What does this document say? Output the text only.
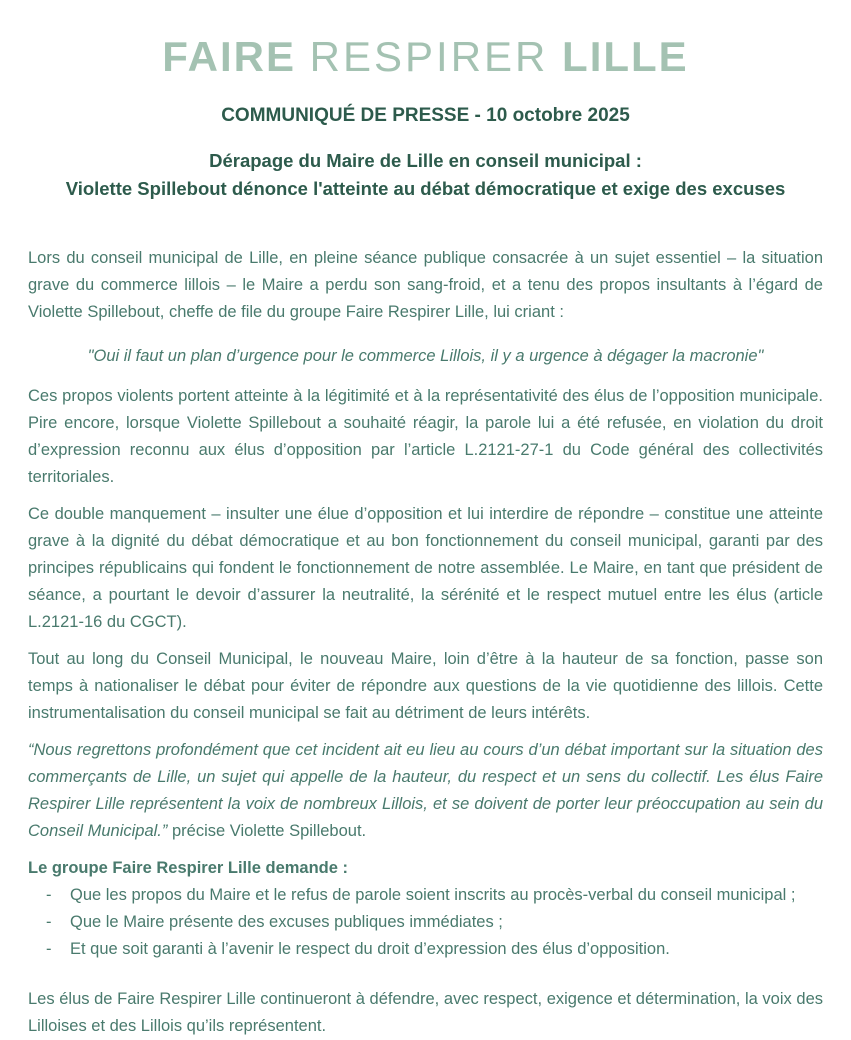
FAIRE RESPIRER LILLE
COMMUNIQUÉ DE PRESSE - 10 octobre 2025
Dérapage du Maire de Lille en conseil municipal :
Violette Spillebout dénonce l'atteinte au débat démocratique et exige des excuses

Lors du conseil municipal de Lille, en pleine séance publique consacrée à un sujet essentiel – la situation grave du commerce lillois – le Maire a perdu son sang-froid, et a tenu des propos insultants à l’égard de Violette Spillebout, cheffe de file du groupe Faire Respirer Lille, lui criant :

"Oui il faut un plan d’urgence pour le commerce Lillois, il y a urgence à dégager la macronie"

Ces propos violents portent atteinte à la légitimité et à la représentativité des élus de l’opposition municipale. Pire encore, lorsque Violette Spillebout a souhaité réagir, la parole lui a été refusée, en violation du droit d’expression reconnu aux élus d’opposition par l’article L.2121-27-1 du Code général des collectivités territoriales.

Ce double manquement – insulter une élue d’opposition et lui interdire de répondre – constitue une atteinte grave à la dignité du débat démocratique et au bon fonctionnement du conseil municipal, garanti par des principes républicains qui fondent le fonctionnement de notre assemblée. Le Maire, en tant que président de séance, a pourtant le devoir d’assurer la neutralité, la sérénité et le respect mutuel entre les élus (article L.2121-16 du CGCT).

Tout au long du Conseil Municipal, le nouveau Maire, loin d’être à la hauteur de sa fonction, passe son temps à nationaliser le débat pour éviter de répondre aux questions de la vie quotidienne des lillois. Cette instrumentalisation du conseil municipal se fait au détriment de leurs intérêts.

“Nous regrettons profondément que cet incident ait eu lieu au cours d’un débat important sur la situation des commerçants de Lille, un sujet qui appelle de la hauteur, du respect et un sens du collectif. Les élus Faire Respirer Lille représentent la voix de nombreux Lillois, et se doivent de porter leur préoccupation au sein du Conseil Municipal.” précise Violette Spillebout.

Le groupe Faire Respirer Lille demande :

-	Que les propos du Maire et le refus de parole soient inscrits au procès-verbal du conseil municipal ;
-	Que le Maire présente des excuses publiques immédiates ;
-	Et que soit garanti à l’avenir le respect du droit d’expression des élus d’opposition.

Les élus de Faire Respirer Lille continueront à défendre, avec respect, exigence et détermination, la voix des Lilloises et des Lillois qu’ils représentent.
